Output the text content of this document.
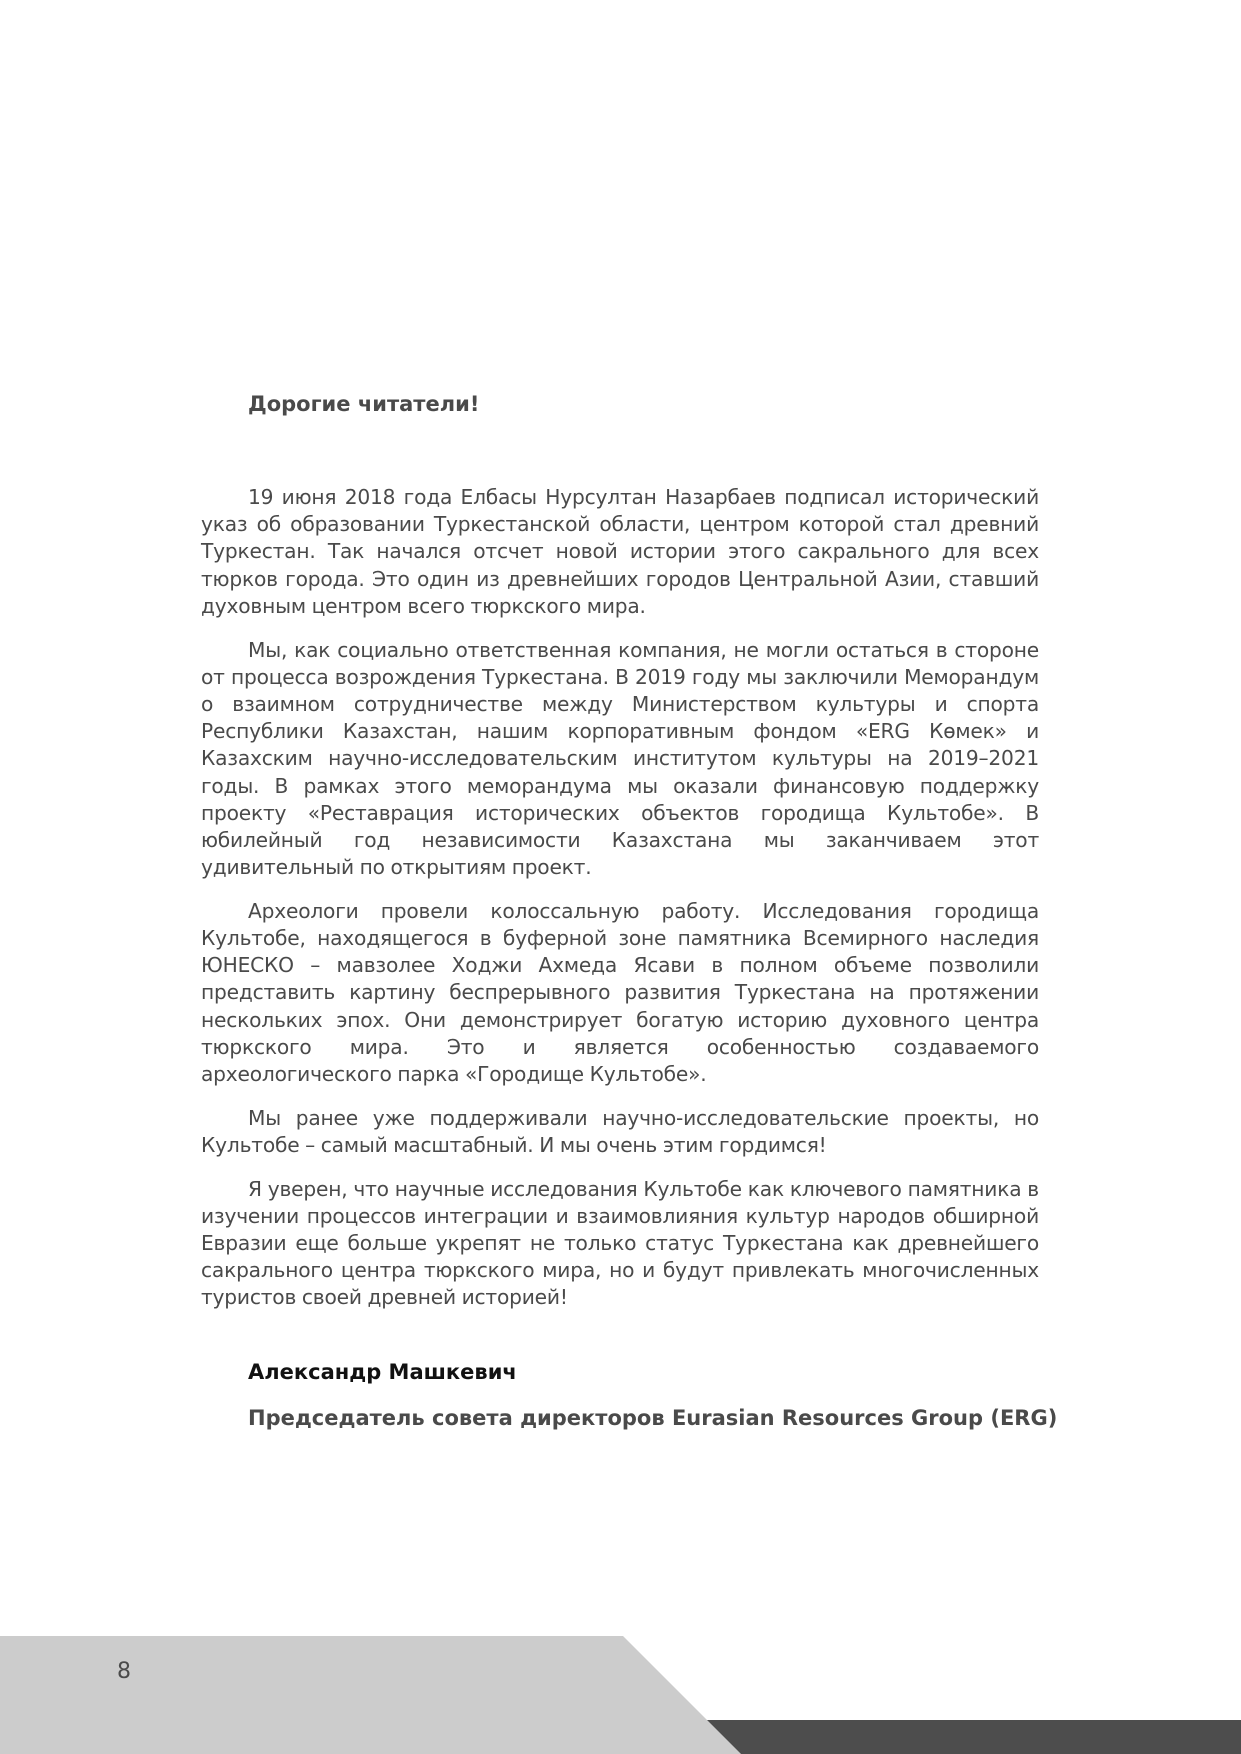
Дорогие читатели!

19 июня 2018 года Елбасы Нурсултан Назарбаев подписал исторический указ об образовании Туркестанской области, центром которой стал древний Туркестан. Так начался отсчет новой истории этого сакрального для всех тюрков города. Это один из древнейших городов Центральной Азии, ставший духовным центром всего тюркского мира.

Мы, как социально ответственная компания, не могли остаться в стороне от процесса возрождения Туркестана. В 2019 году мы заключили Меморандум о взаимном сотрудничестве между Министерством культуры и спорта Республики Казахстан, нашим корпоративным фондом «ERG Көмек» и Казахским научно-исследовательским институтом культуры на 2019–2021 годы. В рамках этого меморандума мы оказали финансовую поддержку проекту «Реставрация исторических объектов городища Культобе». В юбилейный год независимости Казахстана мы заканчиваем этот удивительный по открытиям проект.

Археологи провели колоссальную работу. Исследования городища Культобе, находящегося в буферной зоне памятника Всемирного наследия ЮНЕСКО – мавзолее Ходжи Ахмеда Ясави в полном объеме позволили представить картину беспрерывного развития Туркестана на протяжении нескольких эпох. Они демонстрирует богатую историю духовного центра тюркского мира. Это и является особенностью создаваемого археологического парка «Городище Культобе».

Мы ранее уже поддерживали научно-исследовательские проекты, но Культобе – самый масштабный. И мы очень этим гордимся!

Я уверен, что научные исследования Культобе как ключевого памятника в изучении процессов интеграции и взаимовлияния культур народов обширной Евразии еще больше укрепят не только статус Туркестана как древнейшего сакрального центра тюркского мира, но и будут привлекать многочисленных туристов своей древней историей!

Александр Машкевич

Председатель совета директоров Eurasian Resources Group (ERG)

8
